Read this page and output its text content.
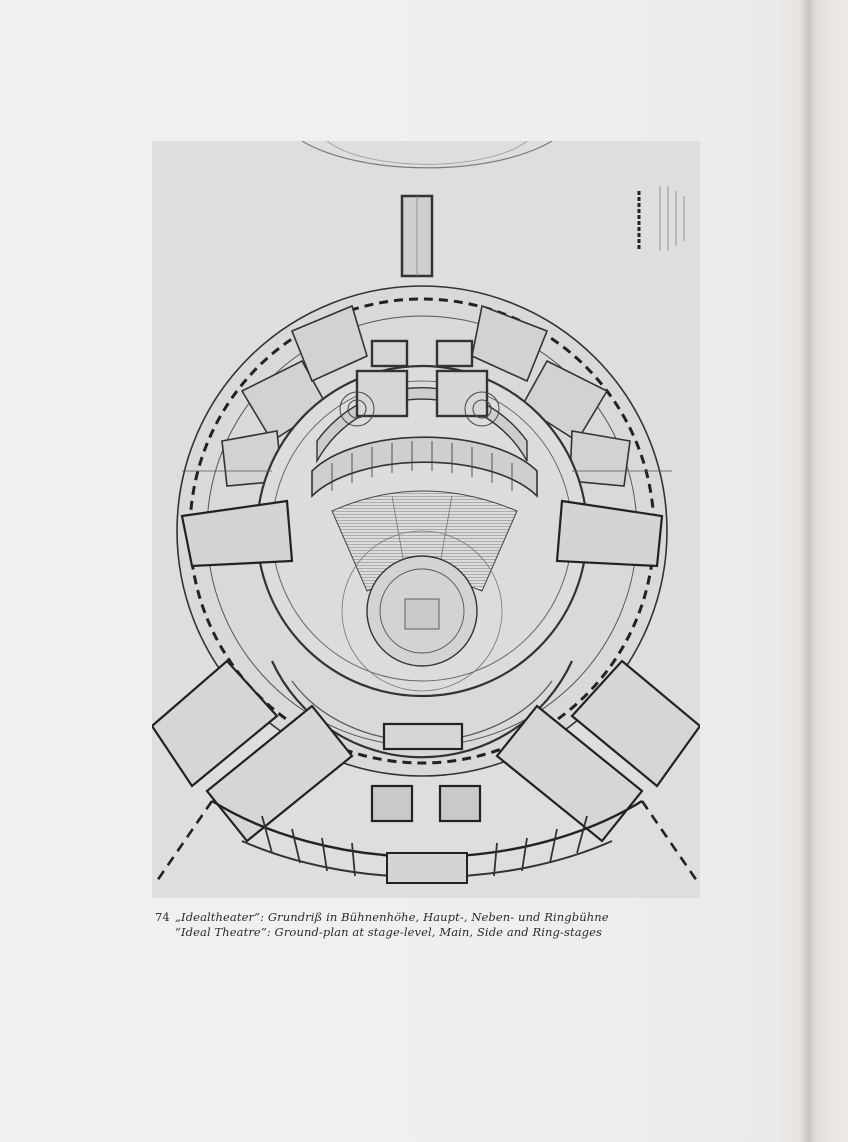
74 „Idealtheater“: Grundriß in Bühnenhöhe, Haupt-, Neben- und Ringbühne
“Ideal Theatre”: Ground-plan at stage-level, Main, Side and Ring-stages
